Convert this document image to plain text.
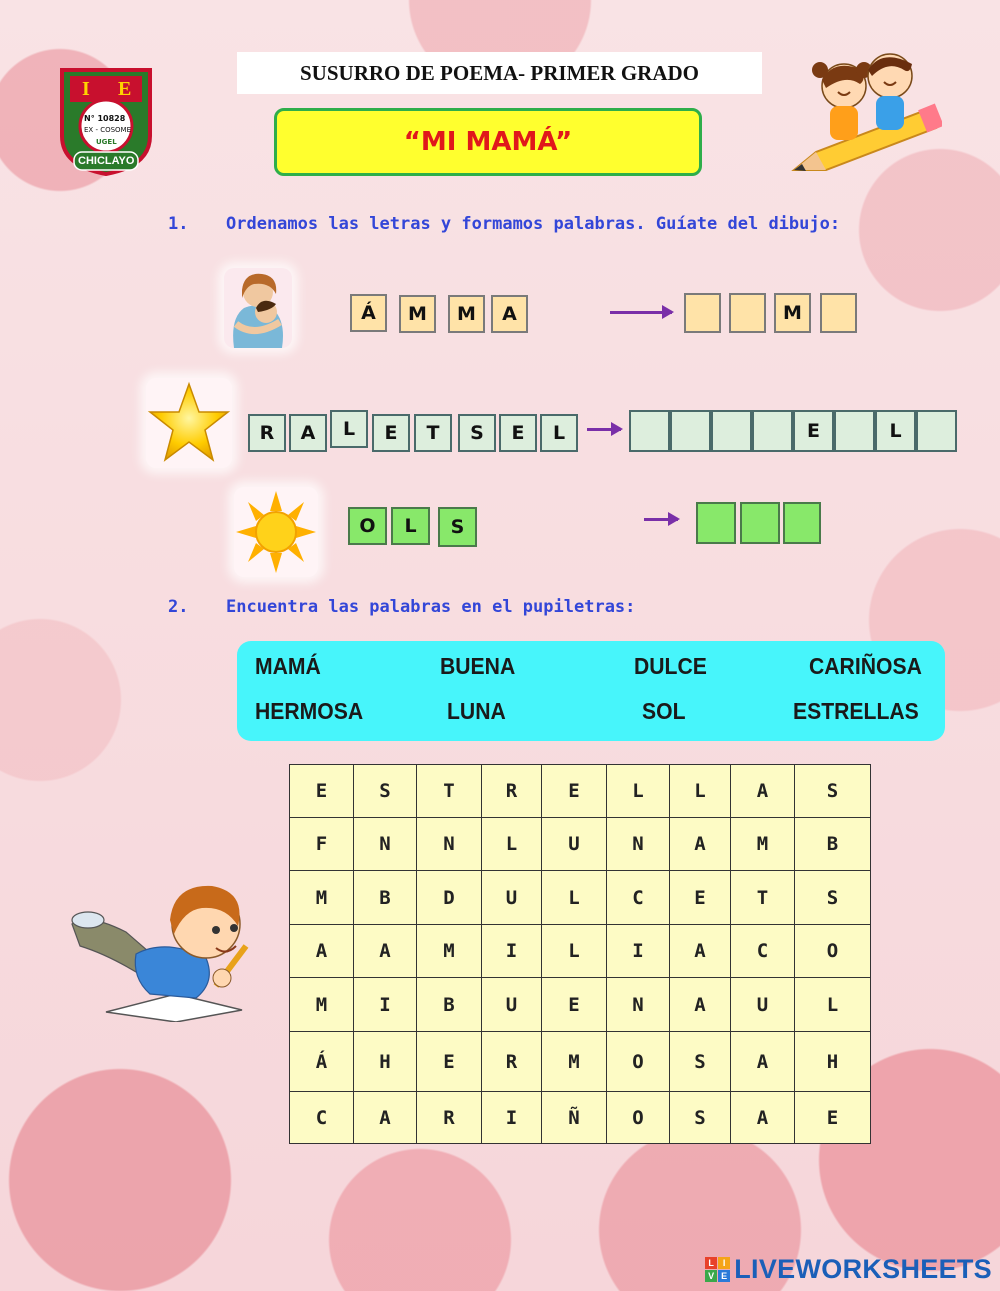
I E
N° 10828
EX - COSOME
UGEL
CHICLAYO
SUSURRO DE POEMA- PRIMER GRADO
“MI MAMÁ”
1. Ordenamos las letras y formamos palabras. Guíate del dibujo:
Á	M	M	A	M
R	A	L	E	T	S	E	L	E	L
O	L	S
2. Encuentra las palabras en el pupiletras:
MAMÁ	BUENA	DULCE	CARIÑOSA
HERMOSA	LUNA	SOL	ESTRELLAS
E	S	T	R	E	L	L	A	S
F	N	N	L	U	N	A	M	B
M	B	D	U	L	C	E	T	S
A	A	M	I	L	I	A	C	O
M	I	B	U	E	N	A	U	L
Á	H	E	R	M	O	S	A	H
C	A	R	I	Ñ	O	S	A	E
L I
V E LIVEWORKSHEETS
